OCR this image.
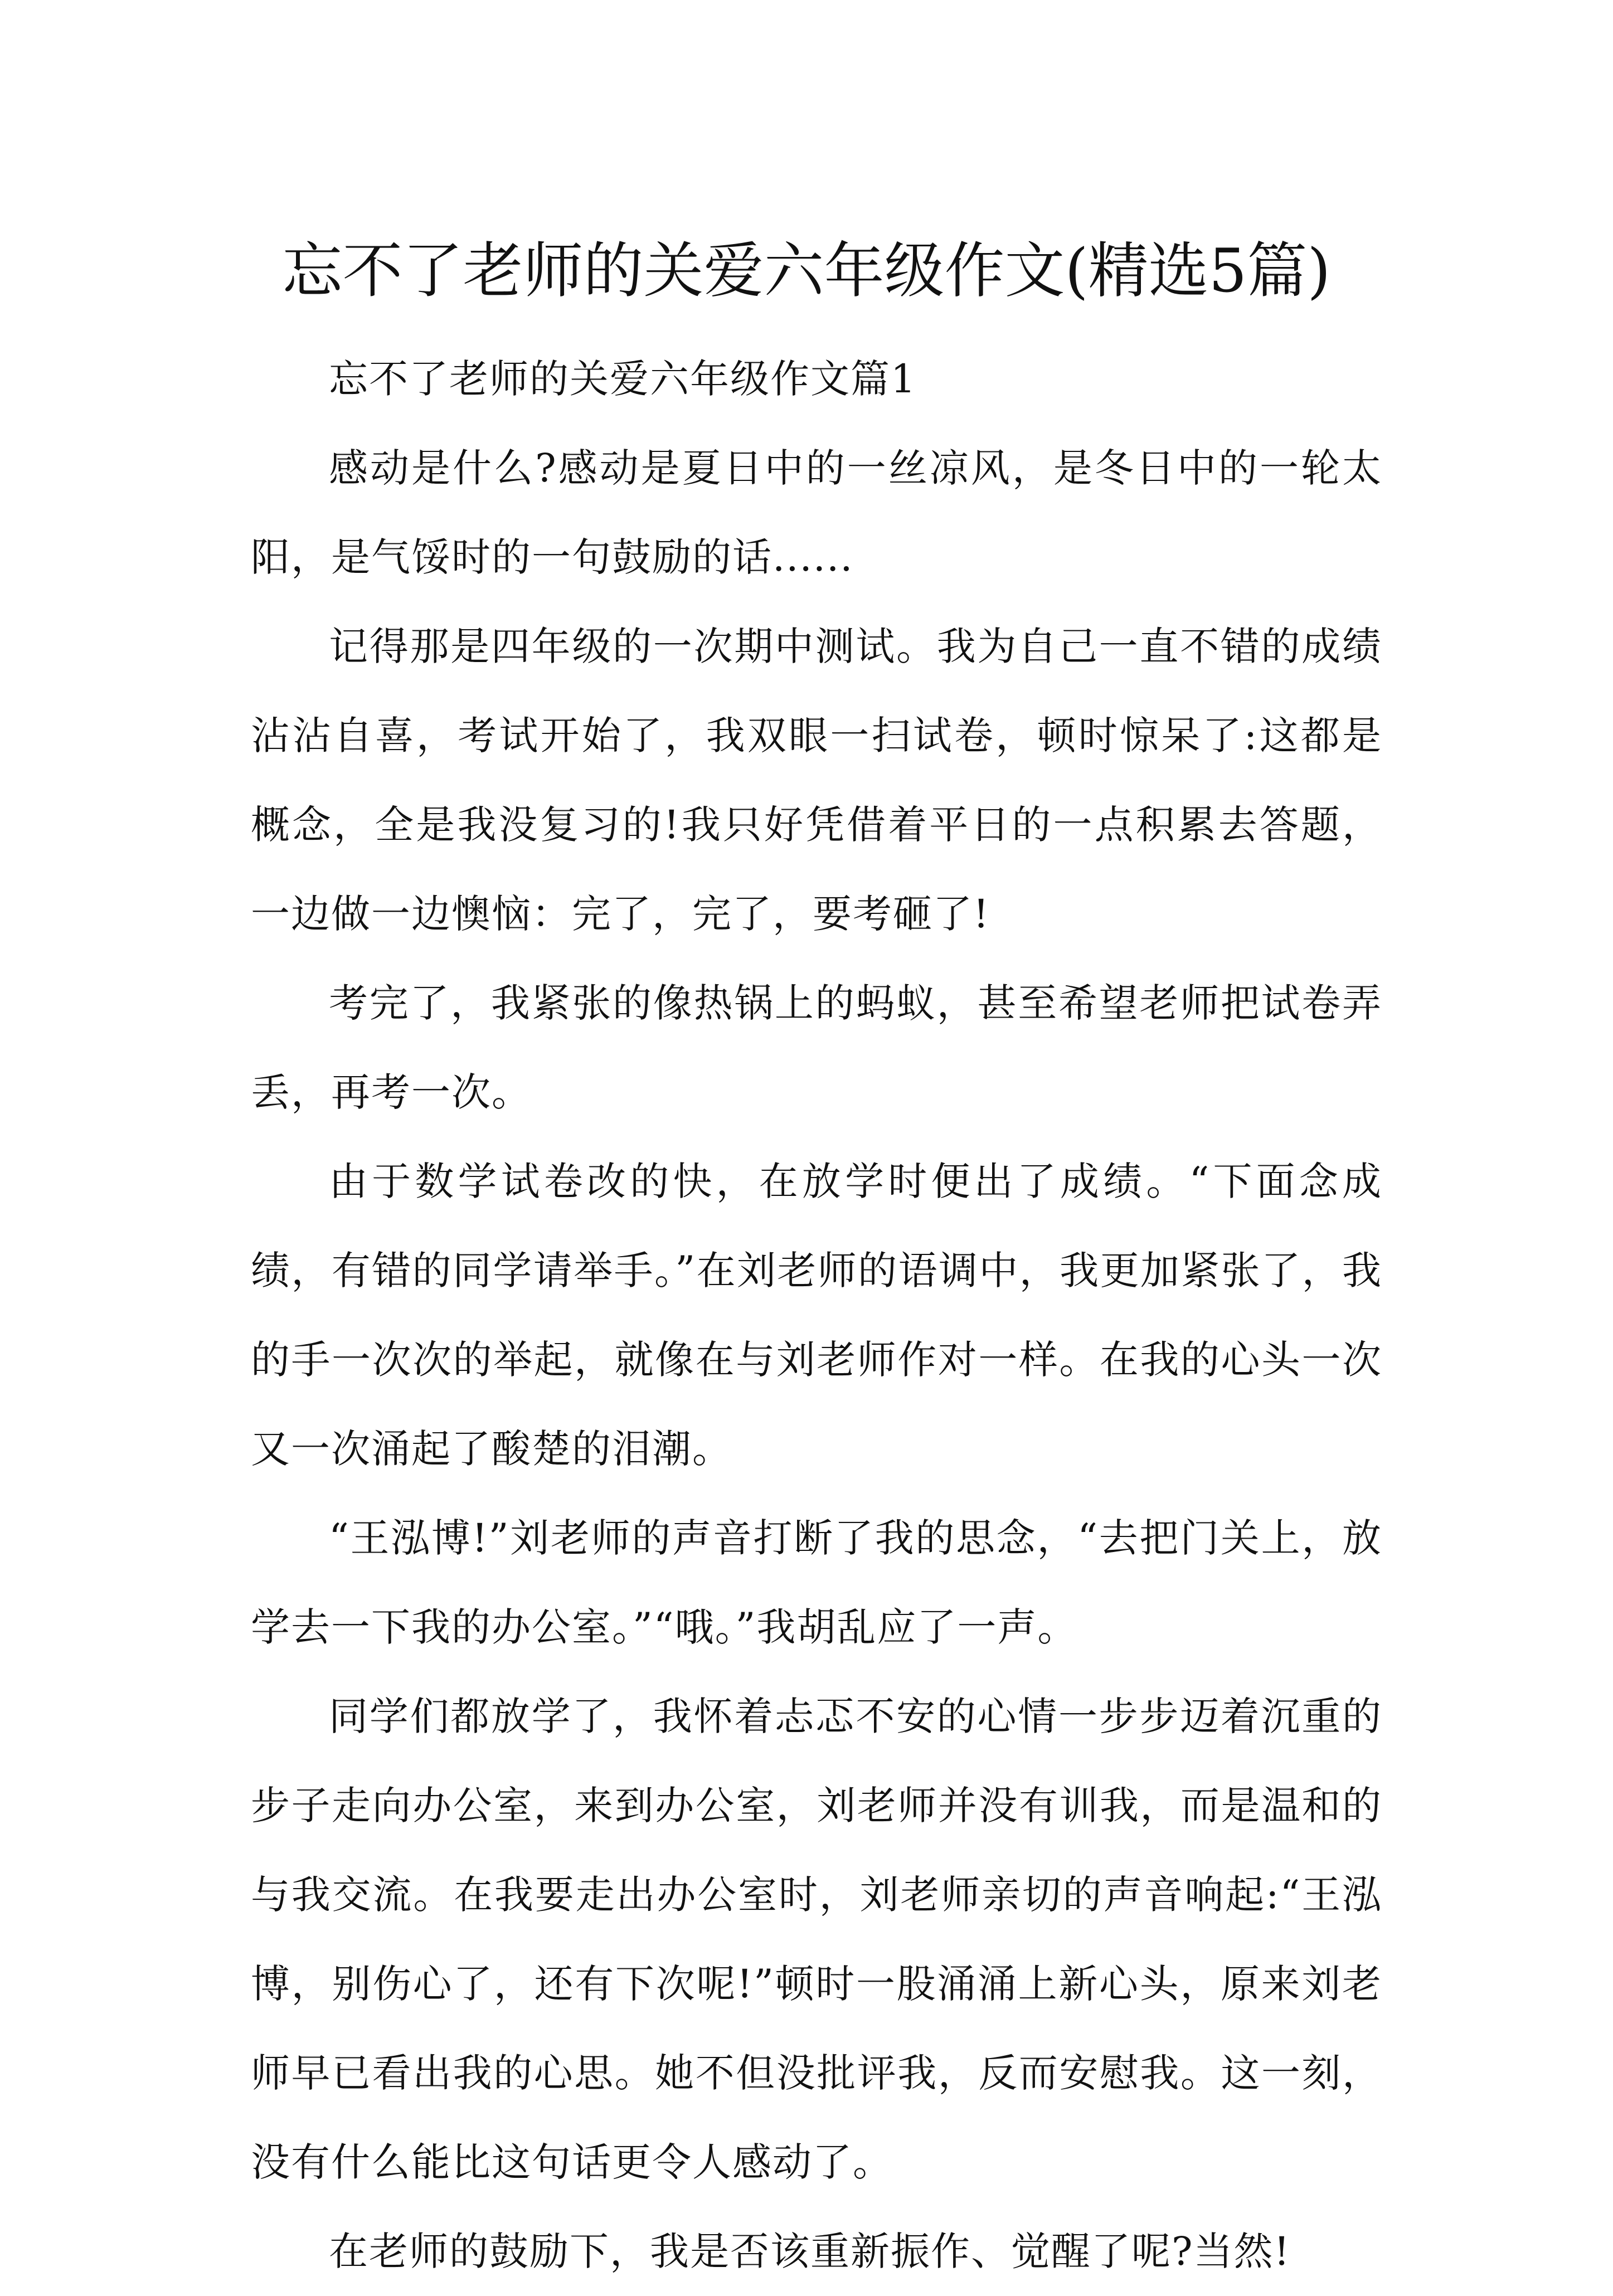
忘不了老师的关爱六年级作文(精选5篇)

忘不了老师的关爱六年级作文篇1

感动是什么?感动是夏日中的一丝凉风，是冬日中的一轮太阳，是气馁时的一句鼓励的话......

记得那是四年级的一次期中测试。我为自己一直不错的成绩沾沾自喜，考试开始了，我双眼一扫试卷，顿时惊呆了:这都是概念，全是我没复习的!我只好凭借着平日的一点积累去答题，一边做一边懊恼：完了，完了，要考砸了!

考完了，我紧张的像热锅上的蚂蚁，甚至希望老师把试卷弄丢，再考一次。

由于数学试卷改的快，在放学时便出了成绩。“下面念成绩，有错的同学请举手。”在刘老师的语调中，我更加紧张了，我的手一次次的举起，就像在与刘老师作对一样。在我的心头一次又一次涌起了酸楚的泪潮。

“王泓博!”刘老师的声音打断了我的思念，“去把门关上，放学去一下我的办公室。”“哦。”我胡乱应了一声。

同学们都放学了，我怀着忐忑不安的心情一步步迈着沉重的步子走向办公室，来到办公室，刘老师并没有训我，而是温和的与我交流。在我要走出办公室时，刘老师亲切的声音响起:“王泓博，别伤心了，还有下次呢!”顿时一股涌涌上新心头，原来刘老师早已看出我的心思。她不但没批评我，反而安慰我。这一刻，没有什么能比这句话更令人感动了。

在老师的鼓励下，我是否该重新振作、觉醒了呢?当然!
